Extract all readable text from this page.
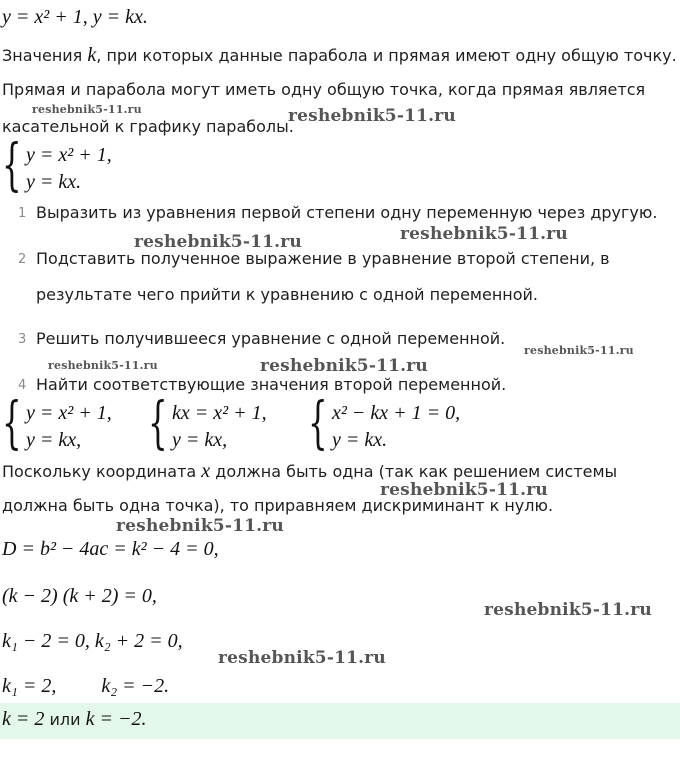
y = x² + 1, y = kx.
Значения k, при которых данные парабола и прямая имеют одну общую точку.
Прямая и парабола могут иметь одну общую точка, когда прямая является
касательной к графику параболы.
{ y = x² + 1,
y = kx.
1 Выразить из уравнения первой степени одну переменную через другую.
2 Подставить полученное выражение в уравнение второй степени, в
результате чего прийти к уравнению с одной переменной.
3 Решить получившееся уравнение с одной переменной.
4 Найти соответствующие значения второй переменной.
{ y = x² + 1,
y = kx, { kx = x² + 1,
y = kx, { x² − kx + 1 = 0,
y = kx.
Поскольку координата x должна быть одна (так как решением системы
должна быть одна точка), то приравняем дискриминант к нулю.
D = b² − 4ac = k² − 4 = 0,
(k − 2) (k + 2) = 0,
k₁ − 2 = 0, k₂ + 2 = 0,
k₁ = 2,         k₂ = −2.
k = 2 или k = −2.
reshebnik5-11.ru	reshebnik5-11.ru
reshebnik5-11.ru	reshebnik5-11.ru
reshebnik5-11.ru	reshebnik5-11.ru
reshebnik5-11.ru
reshebnik5-11.ru
reshebnik5-11.ru
reshebnik5-11.ru
reshebnik5-11.ru
